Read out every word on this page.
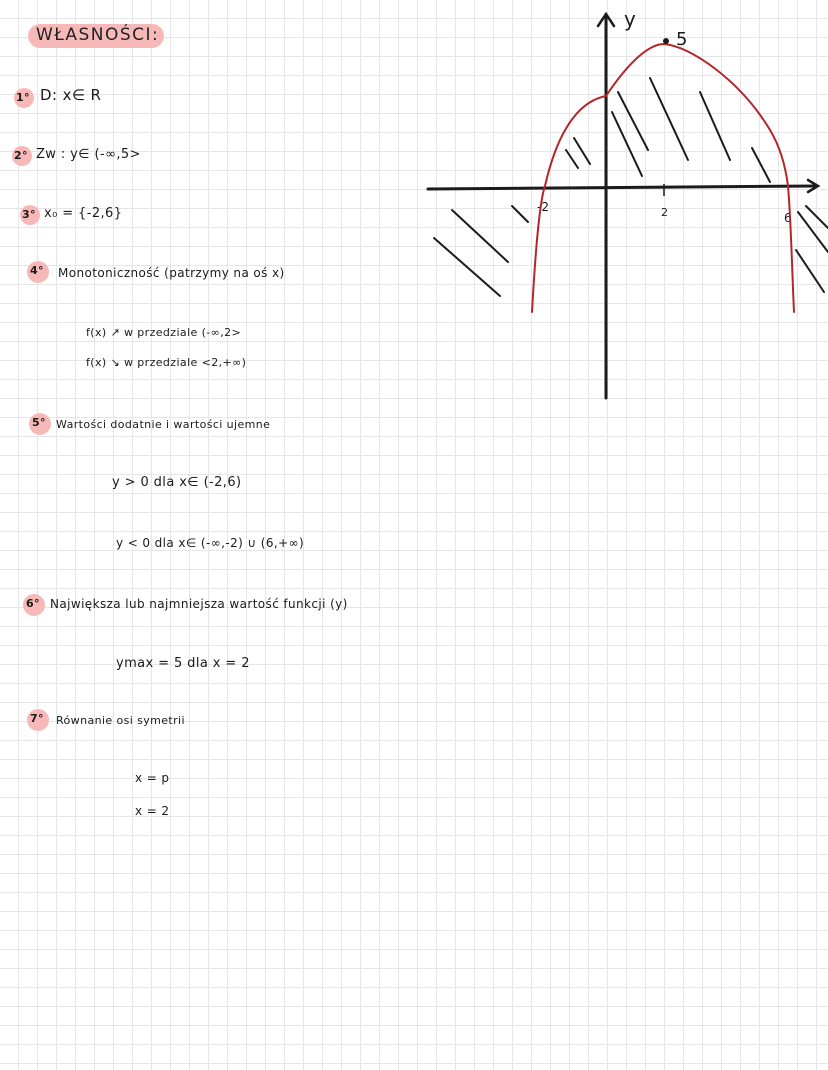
WŁASNOŚCI:
1° D: x∈ R
2° Zw : y∈ (-∞,5>
3° x₀ = {-2,6}
4° Monotoniczność (patrzymy na oś x)
f(x) ↗ w przedziale (-∞,2>
f(x) ↘ w przedziale <2,+∞)
5° Wartości dodatnie i wartości ujemne
y > 0 dla x∈ (-2,6)
y < 0 dla x∈ (-∞,-2) ∪ (6,+∞)
6° Największa lub najmniejsza wartość funkcji (y)
ymax = 5 dla x = 2
7° Równanie osi symetrii
x = p
x = 2
y
-2	2	6
5
